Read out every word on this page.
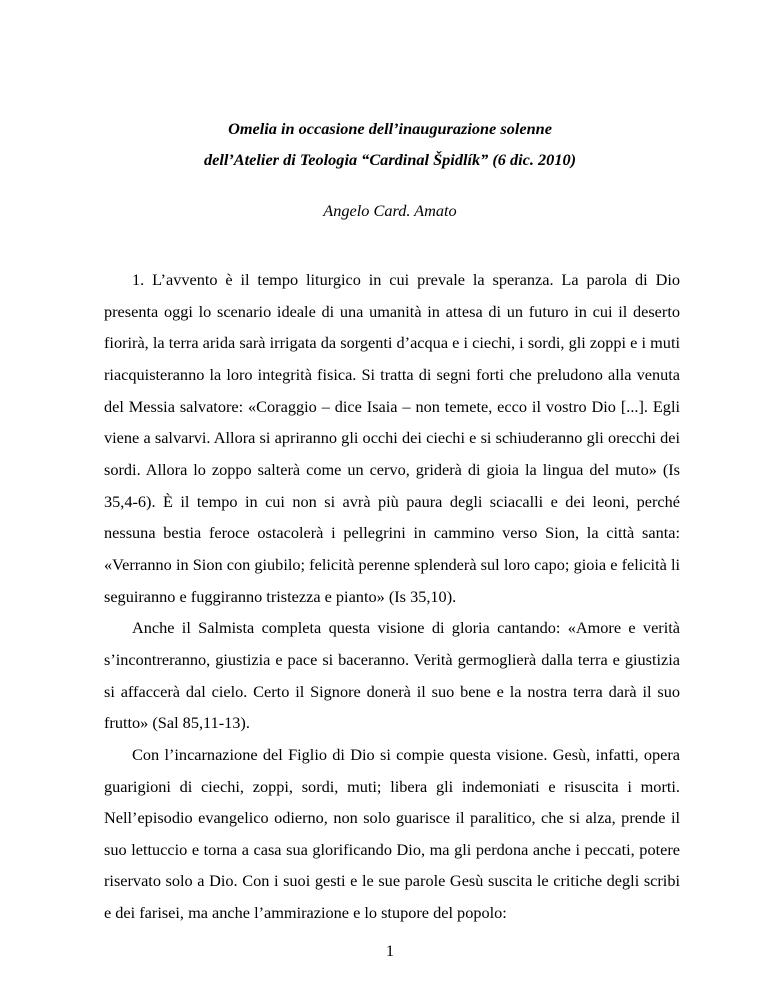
Omelia in occasione dell’inaugurazione solenne
dell’Atelier di Teologia “Cardinal Špidlík” (6 dic. 2010)
Angelo Card. Amato

1. L’avvento è il tempo liturgico in cui prevale la speranza. La parola di Dio presenta oggi lo scenario ideale di una umanità in attesa di un futuro in cui il deserto fiorirà, la terra arida sarà irrigata da sorgenti d’acqua e i ciechi, i sordi, gli zoppi e i muti riacquisteranno la loro integrità fisica. Si tratta di segni forti che preludono alla venuta del Messia salvatore: «Coraggio – dice Isaia – non temete, ecco il vostro Dio [...]. Egli viene a salvarvi. Allora si apriranno gli occhi dei ciechi e si schiuderanno gli orecchi dei sordi. Allora lo zoppo salterà come un cervo, griderà di gioia la lingua del muto» (Is 35,4-6). È il tempo in cui non si avrà più paura degli sciacalli e dei leoni, perché nessuna bestia feroce ostacolerà i pellegrini in cammino verso Sion, la città santa: «Verranno in Sion con giubilo; felicità perenne splenderà sul loro capo; gioia e felicità li seguiranno e fuggiranno tristezza e pianto» (Is 35,10).

Anche il Salmista completa questa visione di gloria cantando: «Amore e verità s’incontreranno, giustizia e pace si baceranno. Verità germoglierà dalla terra e giustizia si affaccerà dal cielo. Certo il Signore donerà il suo bene e la nostra terra darà il suo frutto» (Sal 85,11-13).

Con l’incarnazione del Figlio di Dio si compie questa visione. Gesù, infatti, opera guarigioni di ciechi, zoppi, sordi, muti; libera gli indemoniati e risuscita i morti. Nell’episodio evangelico odierno, non solo guarisce il paralitico, che si alza, prende il suo lettuccio e torna a casa sua glorificando Dio, ma gli perdona anche i peccati, potere riservato solo a Dio. Con i suoi gesti e le sue parole Gesù suscita le critiche degli scribi e dei farisei, ma anche l’ammirazione e lo stupore del popolo:

1
